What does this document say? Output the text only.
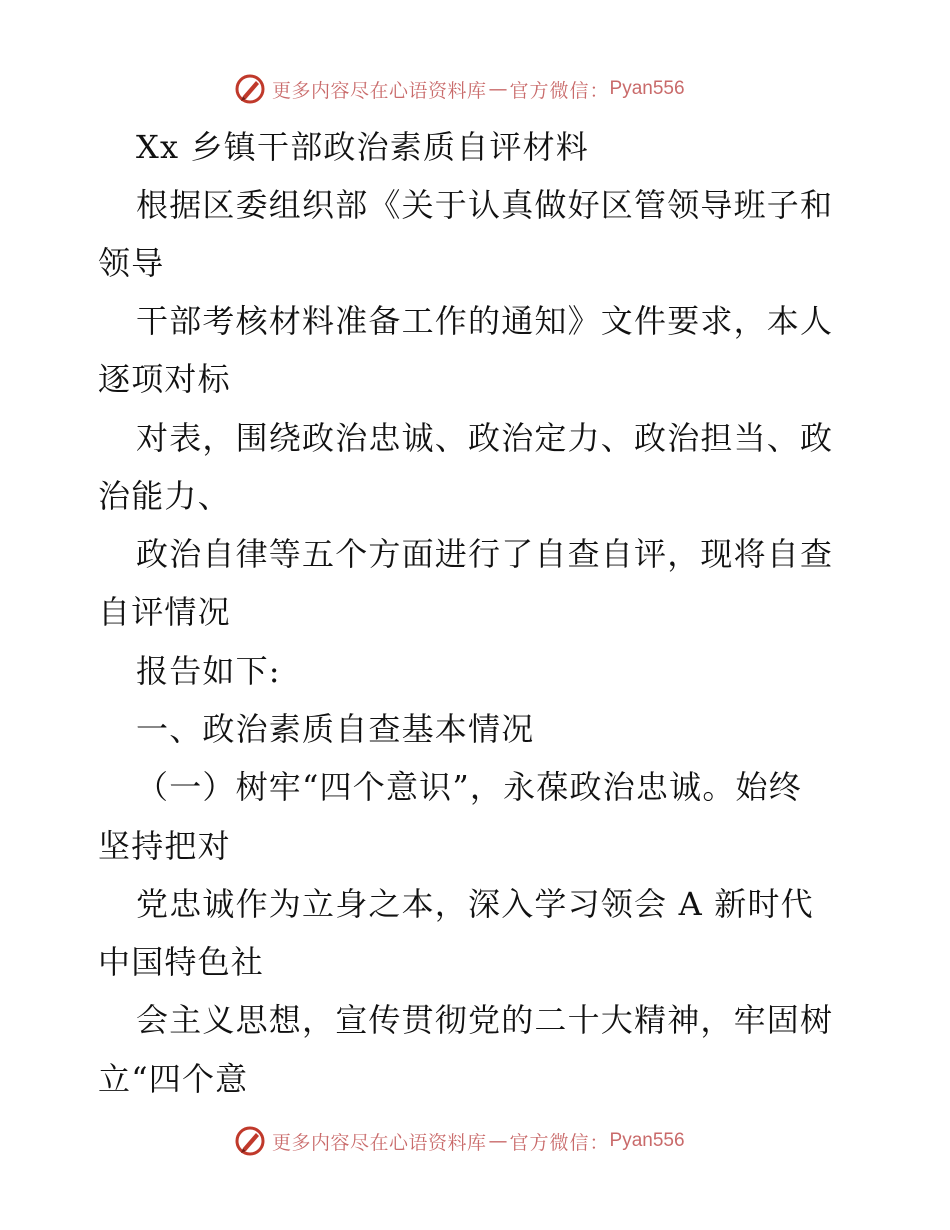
更多内容尽在心语资料库 — 官方微信： Pyan556
Xx 乡镇干部政治素质自评材料
根据区委组织部《关于认真做好区管领导班子和
领导
干部考核材料准备工作的通知》文件要求，本人
逐项对标
对表，围绕政治忠诚、政治定力、政治担当、政
治能力、
政治自律等五个方面进行了自查自评，现将自查
自评情况
报告如下:
一、政治素质自查基本情况
（一）树牢“四个意识”，永葆政治忠诚。始终
坚持把对
党忠诚作为立身之本，深入学习领会 A 新时代
中国特色社
会主义思想，宣传贯彻党的二十大精神，牢固树
立“四个意
更多内容尽在心语资料库 — 官方微信： Pyan556
